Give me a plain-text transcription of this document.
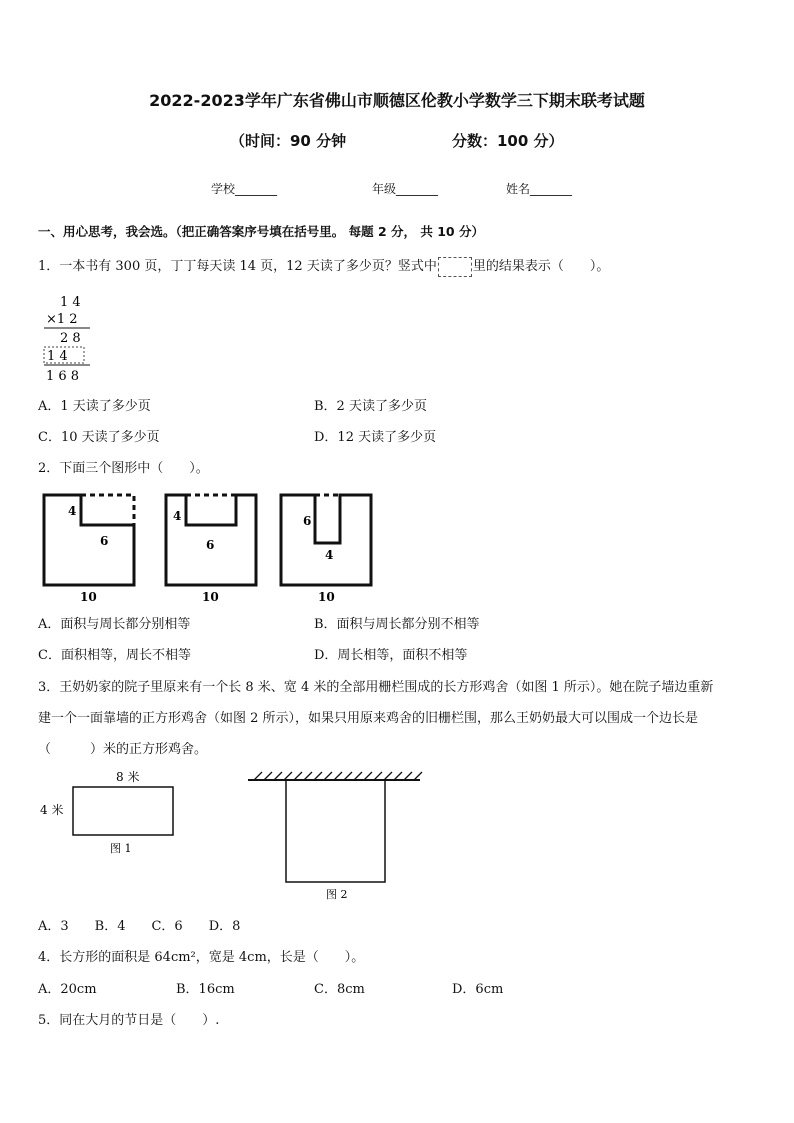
2022-2023学年广东省佛山市顺德区伦教小学数学三下期末联考试题
（时间：90 分钟	分数：100 分）
学校_______	年级_______	姓名_______
一、用心思考，我会选。（把正确答案序号填在括号里。 每题 2 分， 共 10 分）
1．一本书有 300 页，丁丁每天读 14 页，12 天读了多少页？竖式中	里的结果表示（　　）。
1 4
×1 2
2 8
1 4
1 6 8
A．1 天读了多少页	B．2 天读了多少页
C．10 天读了多少页	D．12 天读了多少页
2．下面三个图形中（　　）。
4
6
10
4
6
10
6
4
10
A．面积与周长都分别相等	B．面积与周长都分别不相等
C．面积相等，周长不相等	D．周长相等，面积不相等
3．王奶奶家的院子里原来有一个长 8 米、宽 4 米的全部用栅栏围成的长方形鸡舍（如图 1 所示）。她在院子墙边重新
建一个一面靠墙的正方形鸡舍（如图 2 所示），如果只用原来鸡舍的旧栅栏围，那么王奶奶最大可以围成一个边长是
（　　　）米的正方形鸡舍。
8 米
4 米
图 1
图 2
A．3　　B．4　　C．6　　D．8
4．长方形的面积是 64cm²，宽是 4cm，长是（　　）。
A．20cm	B．16cm	C．8cm	D．6cm
5．同在大月的节日是（　　）.
